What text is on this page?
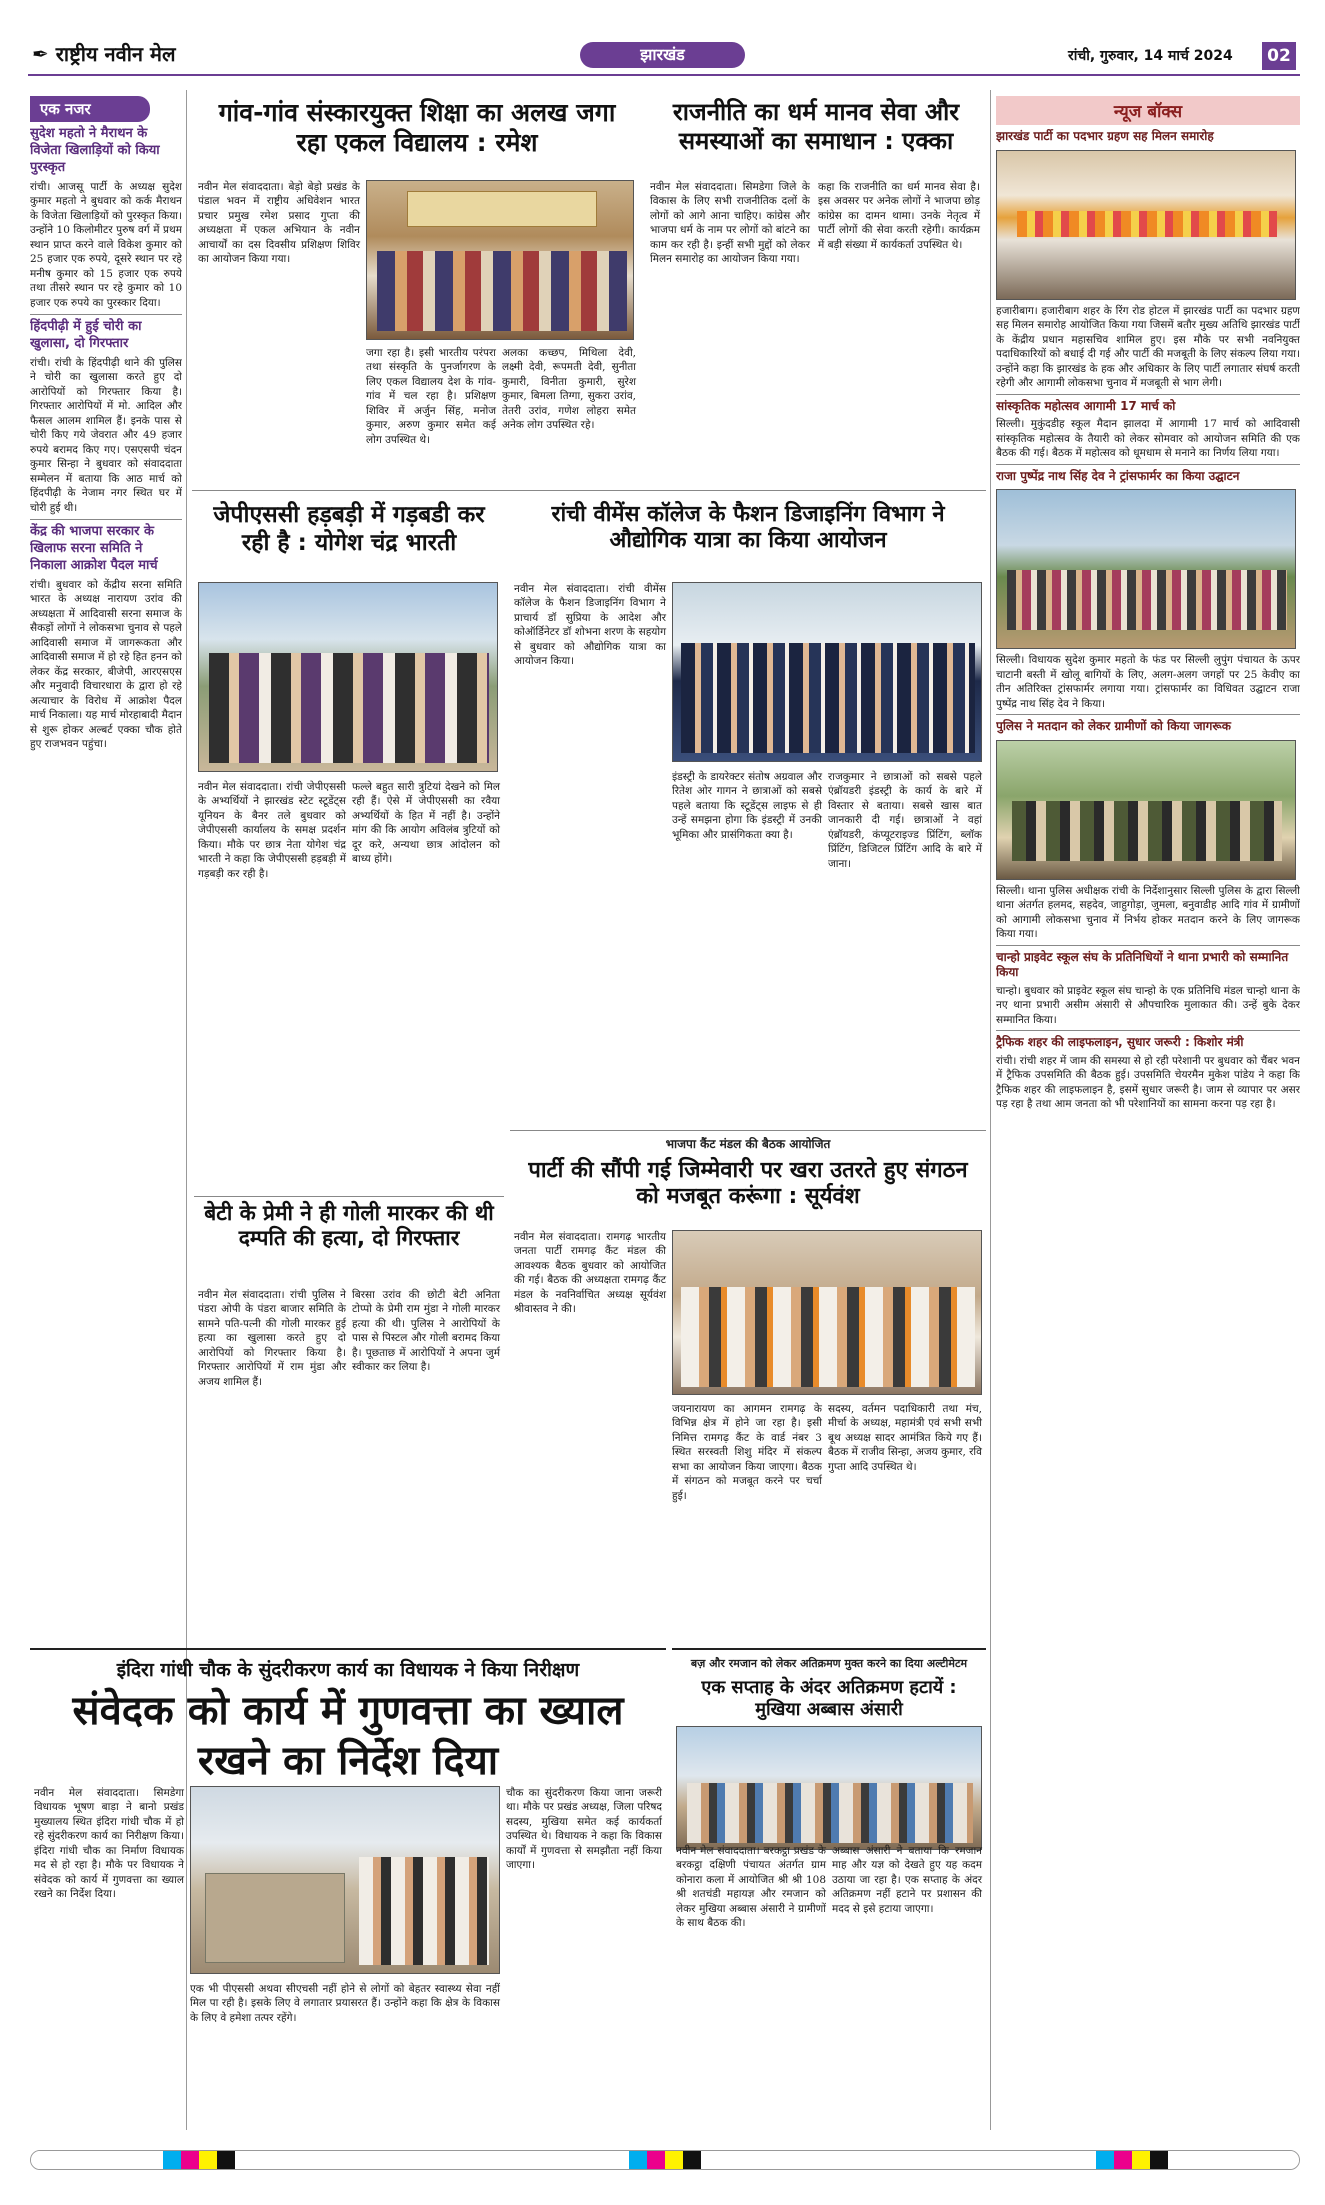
✒ राष्ट्रीय नवीन मेल	झारखंड	रांची, गुरुवार, 14 मार्च 2024	02
एक नजर
सुदेश महतो ने मैराथन के विजेता खिलाड़ियों को किया पुरस्कृत

रांची। आजसू पार्टी के अध्यक्ष सुदेश कुमार महतो ने बुधवार को कर्क मैराथन के विजेता खिलाड़ियों को पुरस्कृत किया। उन्होंने 10 किलोमीटर पुरुष वर्ग में प्रथम स्थान प्राप्त करने वाले विकेश कुमार को 25 हजार एक रुपये, दूसरे स्थान पर रहे मनीष कुमार को 15 हजार एक रुपये तथा तीसरे स्थान पर रहे कुमार को 10 हजार एक रुपये का पुरस्कार दिया।

हिंदपीढ़ी में हुई चोरी का खुलासा, दो गिरफ्तार

रांची। रांची के हिंदपीढ़ी थाने की पुलिस ने चोरी का खुलासा करते हुए दो आरोपियों को गिरफ्तार किया है। गिरफ्तार आरोपियों में मो. आदिल और फैसल आलम शामिल हैं। इनके पास से चोरी किए गये जेवरात और 49 हजार रुपये बरामद किए गए। एसएसपी चंदन कुमार सिन्हा ने बुधवार को संवाददाता सम्मेलन में बताया कि आठ मार्च को हिंदपीढ़ी के नेजाम नगर स्थित घर में चोरी हुई थी।

केंद्र की भाजपा सरकार के खिलाफ सरना समिति ने निकाला आक्रोश पैदल मार्च

रांची। बुधवार को केंद्रीय सरना समिति भारत के अध्यक्ष नारायण उरांव की अध्यक्षता में आदिवासी सरना समाज के सैकड़ों लोगों ने लोकसभा चुनाव से पहले आदिवासी समाज में जागरूकता और आदिवासी समाज में हो रहे हित हनन को लेकर केंद्र सरकार, बीजेपी, आरएसएस और मनुवादी विचारधारा के द्वारा हो रहे अत्याचार के विरोध में आक्रोश पैदल मार्च निकाला। यह मार्च मोरहाबादी मैदान से शुरू होकर अल्बर्ट एक्का चौक होते हुए राजभवन पहुंचा।

गांव-गांव संस्कारयुक्त शिक्षा का अलख जगा रहा एकल विद्यालय : रमेश

नवीन मेल संवाददाता। बेड़ो बेड़ो प्रखंड के पंडाल भवन में राष्ट्रीय अधिवेशन भारत प्रचार प्रमुख रमेश प्रसाद गुप्ता की अध्यक्षता में एकल अभियान के नवीन आचार्यों का दस दिवसीय प्रशिक्षण शिविर का आयोजन किया गया।

जगा रहा है। इसी भारतीय परंपरा तथा संस्कृति के पुनर्जागरण के लिए एकल विद्यालय देश के गांव-गांव में चल रहा है। प्रशिक्षण शिविर में अर्जुन सिंह, मनोज कुमार, अरुण कुमार समेत कई लोग उपस्थित थे।

अलका कच्छप, मिथिला देवी, लक्ष्मी देवी, रूपमती देवी, सुनीता कुमारी, विनीता कुमारी, सुरेश कुमार, बिमला तिग्गा, सुकरा उरांव, तेतरी उरांव, गणेश लोहरा समेत अनेक लोग उपस्थित रहे।

राजनीति का धर्म मानव सेवा और समस्याओं का समाधान : एक्का

नवीन मेल संवाददाता। सिमडेगा जिले के विकास के लिए सभी राजनीतिक दलों के लोगों को आगे आना चाहिए। कांग्रेस और भाजपा धर्म के नाम पर लोगों को बांटने का काम कर रही है। इन्हीं सभी मुद्दों को लेकर मिलन समारोह का आयोजन किया गया।

कहा कि राजनीति का धर्म मानव सेवा है। इस अवसर पर अनेक लोगों ने भाजपा छोड़ कांग्रेस का दामन थामा। उनके नेतृत्व में पार्टी लोगों की सेवा करती रहेगी। कार्यक्रम में बड़ी संख्या में कार्यकर्ता उपस्थित थे।

न्यूज बॉक्स
झारखंड पार्टी का पदभार ग्रहण सह मिलन समारोह

हजारीबाग। हजारीबाग शहर के रिंग रोड होटल में झारखंड पार्टी का पदभार ग्रहण सह मिलन समारोह आयोजित किया गया जिसमें बतौर मुख्य अतिथि झारखंड पार्टी के केंद्रीय प्रधान महासचिव शामिल हुए। इस मौके पर सभी नवनियुक्त पदाधिकारियों को बधाई दी गई और पार्टी की मजबूती के लिए संकल्प लिया गया। उन्होंने कहा कि झारखंड के हक और अधिकार के लिए पार्टी लगातार संघर्ष करती रहेगी और आगामी लोकसभा चुनाव में मजबूती से भाग लेगी।

सांस्कृतिक महोत्सव आगामी 17 मार्च को

सिल्ली। मुकुंदडीह स्कूल मैदान झालदा में आगामी 17 मार्च को आदिवासी सांस्कृतिक महोत्सव के तैयारी को लेकर सोमवार को आयोजन समिति की एक बैठक की गई। बैठक में महोत्सव को धूमधाम से मनाने का निर्णय लिया गया।

राजा पुष्पेंद्र नाथ सिंह देव ने ट्रांसफार्मर का किया उद्घाटन

सिल्ली। विधायक सुदेश कुमार महतो के फंड पर सिल्ली लुपुंग पंचायत के ऊपर चाटानी बस्ती में खोलू बागियों के लिए, अलग-अलग जगहों पर 25 केवीए का तीन अतिरिक्त ट्रांसफार्मर लगाया गया। ट्रांसफार्मर का विधिवत उद्घाटन राजा पुष्पेंद्र नाथ सिंह देव ने किया।

पुलिस ने मतदान को लेकर ग्रामीणों को किया जागरूक

सिल्ली। थाना पुलिस अधीक्षक रांची के निर्देशानुसार सिल्ली पुलिस के द्वारा सिल्ली थाना अंतर्गत हलमद, सहदेव, जाहुगोड़ा, जुमला, बनुवाडीह आदि गांव में ग्रामीणों को आगामी लोकसभा चुनाव में निर्भय होकर मतदान करने के लिए जागरूक किया गया।

चान्हो प्राइवेट स्कूल संघ के प्रतिनिधियों ने थाना प्रभारी को सम्मानित किया

चान्हो। बुधवार को प्राइवेट स्कूल संघ चान्हो के एक प्रतिनिधि मंडल चान्हो थाना के नए थाना प्रभारी असीम अंसारी से औपचारिक मुलाकात की। उन्हें बुके देकर सम्मानित किया।

ट्रैफिक शहर की लाइफलाइन, सुधार जरूरी : किशोर मंत्री

रांची। रांची शहर में जाम की समस्या से हो रही परेशानी पर बुधवार को चैंबर भवन में ट्रैफिक उपसमिति की बैठक हुई। उपसमिति चेयरमैन मुकेश पांडेय ने कहा कि ट्रैफिक शहर की लाइफलाइन है, इसमें सुधार जरूरी है। जाम से व्यापार पर असर पड़ रहा है तथा आम जनता को भी परेशानियों का सामना करना पड़ रहा है।

जेपीएससी हड़बड़ी में गड़बडी कर रही है : योगेश चंद्र भारती

नवीन मेल संवाददाता। रांची जेपीएससी के अभ्यर्थियों ने झारखंड स्टेट स्टूडेंट्स यूनियन के बैनर तले बुधवार को जेपीएससी कार्यालय के समक्ष प्रदर्शन किया। मौके पर छात्र नेता योगेश चंद्र भारती ने कहा कि जेपीएससी हड़बड़ी में गड़बड़ी कर रही है।

फल्ले बहुत सारी त्रुटियां देखने को मिल रही हैं। ऐसे में जेपीएससी का रवैया अभ्यर्थियों के हित में नहीं है। उन्होंने मांग की कि आयोग अविलंब त्रुटियों को दूर करे, अन्यथा छात्र आंदोलन को बाध्य होंगे।

रांची वीमेंस कॉलेज के फैशन डिजाइनिंग विभाग ने औद्योगिक यात्रा का किया आयोजन

नवीन मेल संवाददाता। रांची वीमेंस कॉलेज के फैशन डिजाइनिंग विभाग ने प्राचार्य डॉ सुप्रिया के आदेश और कोऑर्डिनेटर डॉ शोभना शरण के सहयोग से बुधवार को औद्योगिक यात्रा का आयोजन किया।

इंडस्ट्री के डायरेक्टर संतोष अग्रवाल और रितेश ओर गागन ने छात्राओं को सबसे पहले बताया कि स्टूडेंट्स लाइफ से ही उन्हें समझना होगा कि इंडस्ट्री में उनकी भूमिका और प्रासंगिकता क्या है।

राजकुमार ने छात्राओं को सबसे पहले एंब्रॉयडरी इंडस्ट्री के कार्य के बारे में विस्तार से बताया। सबसे खास बात जानकारी दी गई। छात्राओं ने वहां एंब्रॉयडरी, कंप्यूटराइज्ड प्रिंटिंग, ब्लॉक प्रिंटिंग, डिजिटल प्रिंटिंग आदि के बारे में जाना।

बेटी के प्रेमी ने ही गोली मारकर की थी दम्पति की हत्या, दो गिरफ्तार

नवीन मेल संवाददाता। रांची पुलिस ने पंडरा ओपी के पंडरा बाजार समिति के सामने पति-पत्नी की गोली मारकर हुई हत्या का खुलासा करते हुए दो आरोपियों को गिरफ्तार किया है। गिरफ्तार आरोपियों में राम मुंडा और अजय शामिल हैं।

बिरसा उरांव की छोटी बेटी अनिता टोप्पो के प्रेमी राम मुंडा ने गोली मारकर हत्या की थी। पुलिस ने आरोपियों के पास से पिस्टल और गोली बरामद किया है। पूछताछ में आरोपियों ने अपना जुर्म स्वीकार कर लिया है।

भाजपा कैंट मंडल की बैठक आयोजित
पार्टी की सौंपी गई जिम्मेवारी पर खरा उतरते हुए संगठन को मजबूत करूंगा : सूर्यवंश

नवीन मेल संवाददाता। रामगढ़ भारतीय जनता पार्टी रामगढ़ कैंट मंडल की आवश्यक बैठक बुधवार को आयोजित की गई। बैठक की अध्यक्षता रामगढ़ कैंट मंडल के नवनिर्वाचित अध्यक्ष सूर्यवंश श्रीवास्तव ने की।

जयनारायण का आगमन रामगढ़ के विभिन्न क्षेत्र में होने जा रहा है। इसी निमित्त रामगढ़ कैंट के वार्ड नंबर 3 स्थित सरस्वती शिशु मंदिर में संकल्प सभा का आयोजन किया जाएगा। बैठक में संगठन को मजबूत करने पर चर्चा हुई।

सदस्य, वर्तमन पदाधिकारी तथा मंच, मीर्चा के अध्यक्ष, महामंत्री एवं सभी सभी बूथ अध्यक्ष सादर आमंत्रित किये गए हैं। बैठक में राजीव सिन्हा, अजय कुमार, रवि गुप्ता आदि उपस्थित थे।

इंदिरा गांधी चौक के सुंदरीकरण कार्य का विधायक ने किया निरीक्षण
संवेदक को कार्य में गुणवत्ता का ख्याल रखने का निर्देश दिया

नवीन मेल संवाददाता। सिमडेगा विधायक भूषण बाड़ा ने बानो प्रखंड मुख्यालय स्थित इंदिरा गांधी चौक में हो रहे सुंदरीकरण कार्य का निरीक्षण किया। इंदिरा गांधी चौक का निर्माण विधायक मद से हो रहा है। मौके पर विधायक ने संवेदक को कार्य में गुणवत्ता का ख्याल रखने का निर्देश दिया।

चौक का सुंदरीकरण किया जाना जरूरी था। मौके पर प्रखंड अध्यक्ष, जिला परिषद सदस्य, मुखिया समेत कई कार्यकर्ता उपस्थित थे। विधायक ने कहा कि विकास कार्यों में गुणवत्ता से समझौता नहीं किया जाएगा।

एक भी पीएससी अथवा सीएचसी नहीं होने से लोगों को बेहतर स्वास्थ्य सेवा नहीं मिल पा रही है। इसके लिए वे लगातार प्रयासरत हैं। उन्होंने कहा कि क्षेत्र के विकास के लिए वे हमेशा तत्पर रहेंगे।

बज़ और रमजान को लेकर अतिक्रमण मुक्त करने का दिया अल्टीमेटम
एक सप्ताह के अंदर अतिक्रमण हटायें : मुखिया अब्बास अंसारी

नवीन मेल संवाददाता। बरकट्ठा प्रखंड के बरकट्ठा दक्षिणी पंचायत अंतर्गत ग्राम कोनारा कला में आयोजित श्री श्री 108 श्री शतचंडी महायज्ञ और रमजान को लेकर मुखिया अब्बास अंसारी ने ग्रामीणों के साथ बैठक की।

अब्बास अंसारी ने बताया कि रमजान माह और यज्ञ को देखते हुए यह कदम उठाया जा रहा है। एक सप्ताह के अंदर अतिक्रमण नहीं हटाने पर प्रशासन की मदद से इसे हटाया जाएगा।
